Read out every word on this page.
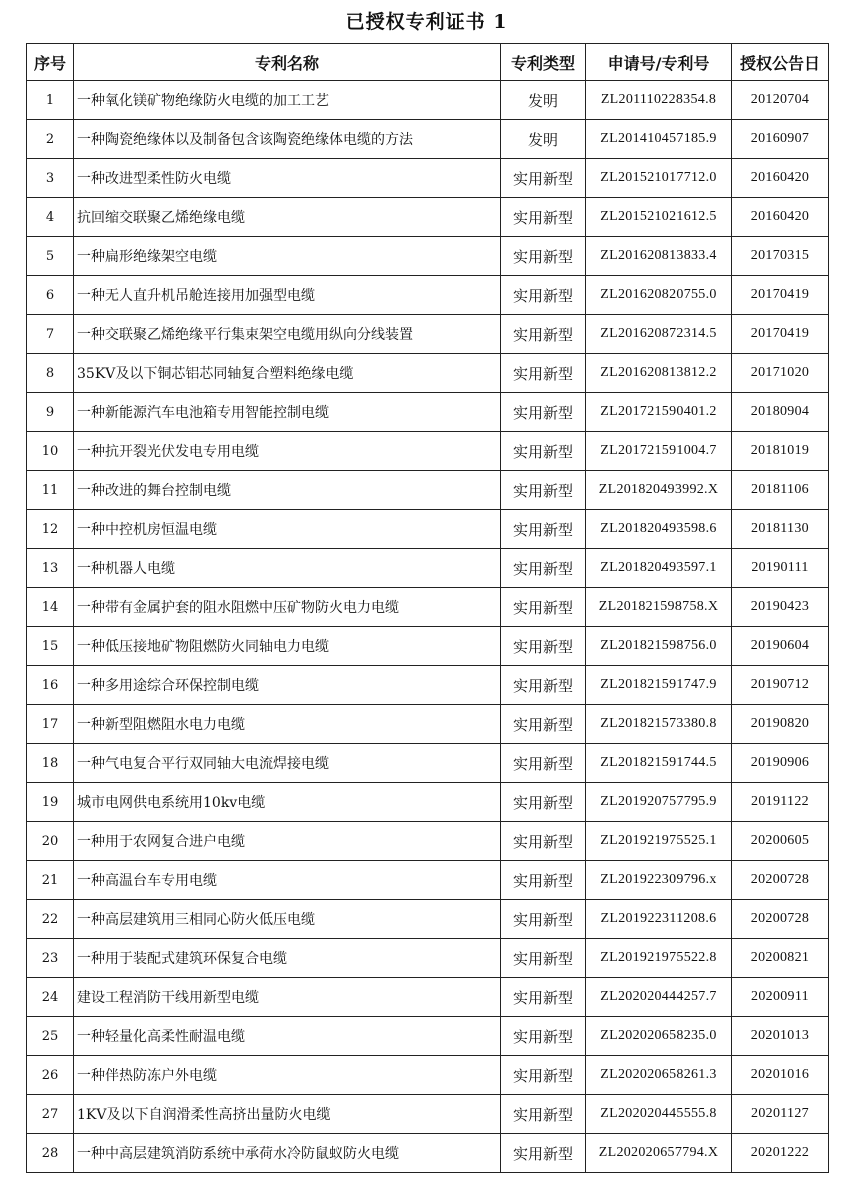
已授权专利证书 1
序号	专利名称	专利类型	申请号/专利号	授权公告日
1	一种氧化镁矿物绝缘防火电缆的加工工艺	发明	ZL201110228354.8	20120704
2	一种陶瓷绝缘体以及制备包含该陶瓷绝缘体电缆的方法	发明	ZL201410457185.9	20160907
3	一种改进型柔性防火电缆	实用新型	ZL201521017712.0	20160420
4	抗回缩交联聚乙烯绝缘电缆	实用新型	ZL201521021612.5	20160420
5	一种扁形绝缘架空电缆	实用新型	ZL201620813833.4	20170315
6	一种无人直升机吊舱连接用加强型电缆	实用新型	ZL201620820755.0	20170419
7	一种交联聚乙烯绝缘平行集束架空电缆用纵向分线装置	实用新型	ZL201620872314.5	20170419
8	35KV及以下铜芯铝芯同轴复合塑料绝缘电缆	实用新型	ZL201620813812.2	20171020
9	一种新能源汽车电池箱专用智能控制电缆	实用新型	ZL201721590401.2	20180904
10	一种抗开裂光伏发电专用电缆	实用新型	ZL201721591004.7	20181019
11	一种改进的舞台控制电缆	实用新型	ZL201820493992.X	20181106
12	一种中控机房恒温电缆	实用新型	ZL201820493598.6	20181130
13	一种机器人电缆	实用新型	ZL201820493597.1	20190111
14	一种带有金属护套的阻水阻燃中压矿物防火电力电缆	实用新型	ZL201821598758.X	20190423
15	一种低压接地矿物阻燃防火同轴电力电缆	实用新型	ZL201821598756.0	20190604
16	一种多用途综合环保控制电缆	实用新型	ZL201821591747.9	20190712
17	一种新型阻燃阻水电力电缆	实用新型	ZL201821573380.8	20190820
18	一种气电复合平行双同轴大电流焊接电缆	实用新型	ZL201821591744.5	20190906
19	城市电网供电系统用10kv电缆	实用新型	ZL201920757795.9	20191122
20	一种用于农网复合进户电缆	实用新型	ZL201921975525.1	20200605
21	一种高温台车专用电缆	实用新型	ZL201922309796.x	20200728
22	一种高层建筑用三相同心防火低压电缆	实用新型	ZL201922311208.6	20200728
23	一种用于装配式建筑环保复合电缆	实用新型	ZL201921975522.8	20200821
24	建设工程消防干线用新型电缆	实用新型	ZL202020444257.7	20200911
25	一种轻量化高柔性耐温电缆	实用新型	ZL202020658235.0	20201013
26	一种伴热防冻户外电缆	实用新型	ZL202020658261.3	20201016
27	1KV及以下自润滑柔性高挤出量防火电缆	实用新型	ZL202020445555.8	20201127
28	一种中高层建筑消防系统中承荷水冷防鼠蚁防火电缆	实用新型	ZL202020657794.X	20201222
